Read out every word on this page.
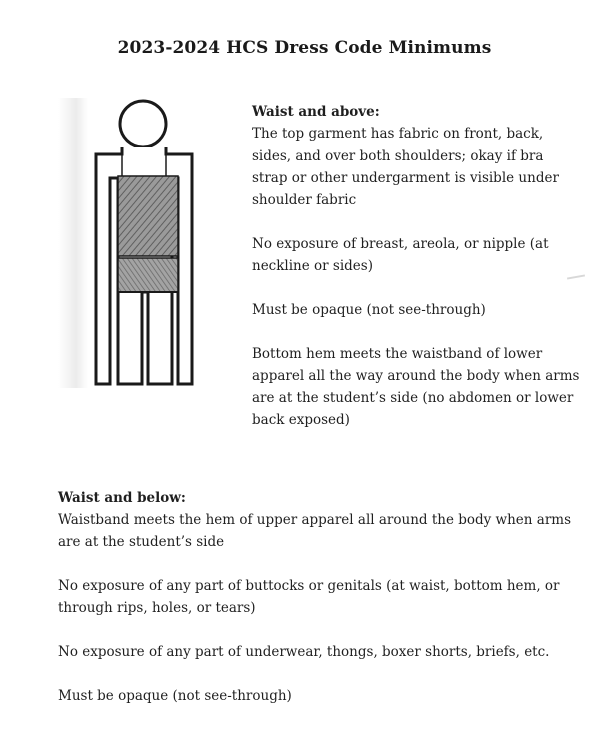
2023-2024 HCS Dress Code Minimums
Waist and above:

The top garment has fabric on front, back, sides, and over both shoulders; okay if bra strap or other undergarment is visible under shoulder fabric

No exposure of breast, areola, or nipple (at neckline or sides)

Must be opaque (not see-through)

Bottom hem meets the waistband of lower apparel all the way around the body when arms are at the student’s side (no abdomen or lower back exposed)

Waist and below:

Waistband meets the hem of upper apparel all around the body when arms are at the student’s side

No exposure of any part of buttocks or genitals (at waist, bottom hem, or through rips, holes, or tears)

No exposure of any part of underwear, thongs, boxer shorts, briefs, etc.

Must be opaque (not see-through)
